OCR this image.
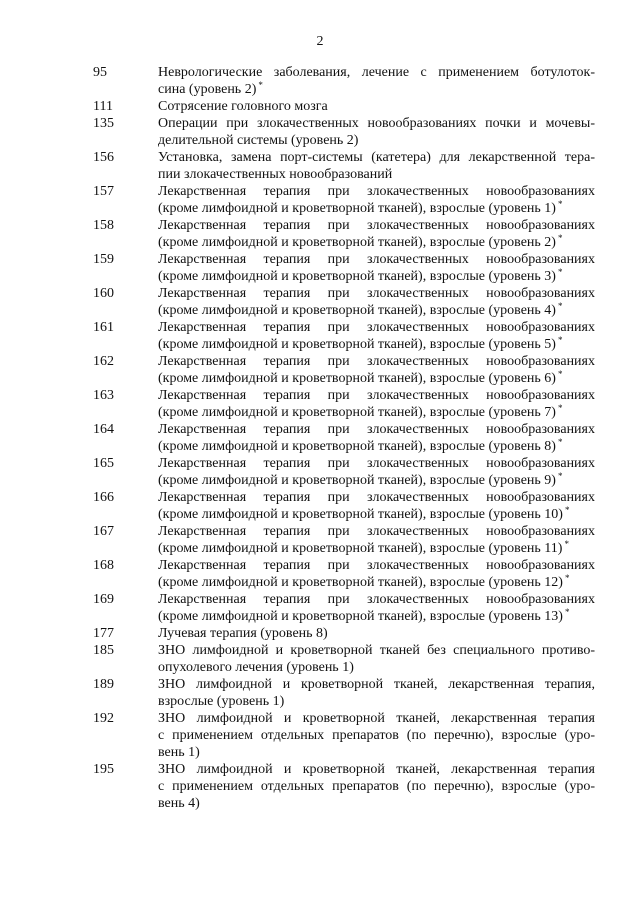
2
95	Неврологические заболевания, лечение с применением ботулоток-
сина (уровень 2) *
111	Сотрясение головного мозга
135	Операции при злокачественных новообразованиях почки и мочевы-
делительной системы (уровень 2)
156	Установка, замена порт-системы (катетера) для лекарственной тера-
пии злокачественных новообразований
157	Лекарственная терапия при злокачественных новообразованиях
(кроме лимфоидной и кроветворной тканей), взрослые (уровень 1) *
158	Лекарственная терапия при злокачественных новообразованиях
(кроме лимфоидной и кроветворной тканей), взрослые (уровень 2) *
159	Лекарственная терапия при злокачественных новообразованиях
(кроме лимфоидной и кроветворной тканей), взрослые (уровень 3) *
160	Лекарственная терапия при злокачественных новообразованиях
(кроме лимфоидной и кроветворной тканей), взрослые (уровень 4) *
161	Лекарственная терапия при злокачественных новообразованиях
(кроме лимфоидной и кроветворной тканей), взрослые (уровень 5) *
162	Лекарственная терапия при злокачественных новообразованиях
(кроме лимфоидной и кроветворной тканей), взрослые (уровень 6) *
163	Лекарственная терапия при злокачественных новообразованиях
(кроме лимфоидной и кроветворной тканей), взрослые (уровень 7) *
164	Лекарственная терапия при злокачественных новообразованиях
(кроме лимфоидной и кроветворной тканей), взрослые (уровень 8) *
165	Лекарственная терапия при злокачественных новообразованиях
(кроме лимфоидной и кроветворной тканей), взрослые (уровень 9) *
166	Лекарственная терапия при злокачественных новообразованиях
(кроме лимфоидной и кроветворной тканей), взрослые (уровень 10) *
167	Лекарственная терапия при злокачественных новообразованиях
(кроме лимфоидной и кроветворной тканей), взрослые (уровень 11) *
168	Лекарственная терапия при злокачественных новообразованиях
(кроме лимфоидной и кроветворной тканей), взрослые (уровень 12) *
169	Лекарственная терапия при злокачественных новообразованиях
(кроме лимфоидной и кроветворной тканей), взрослые (уровень 13) *
177	Лучевая терапия (уровень 8)
185	ЗНО лимфоидной и кроветворной тканей без специального противо-
опухолевого лечения (уровень 1)
189	ЗНО лимфоидной и кроветворной тканей, лекарственная терапия,
взрослые (уровень 1)
192	ЗНО лимфоидной и кроветворной тканей, лекарственная терапия
с применением отдельных препаратов (по перечню), взрослые (уро-
вень 1)
195	ЗНО лимфоидной и кроветворной тканей, лекарственная терапия
с применением отдельных препаратов (по перечню), взрослые (уро-
вень 4)
